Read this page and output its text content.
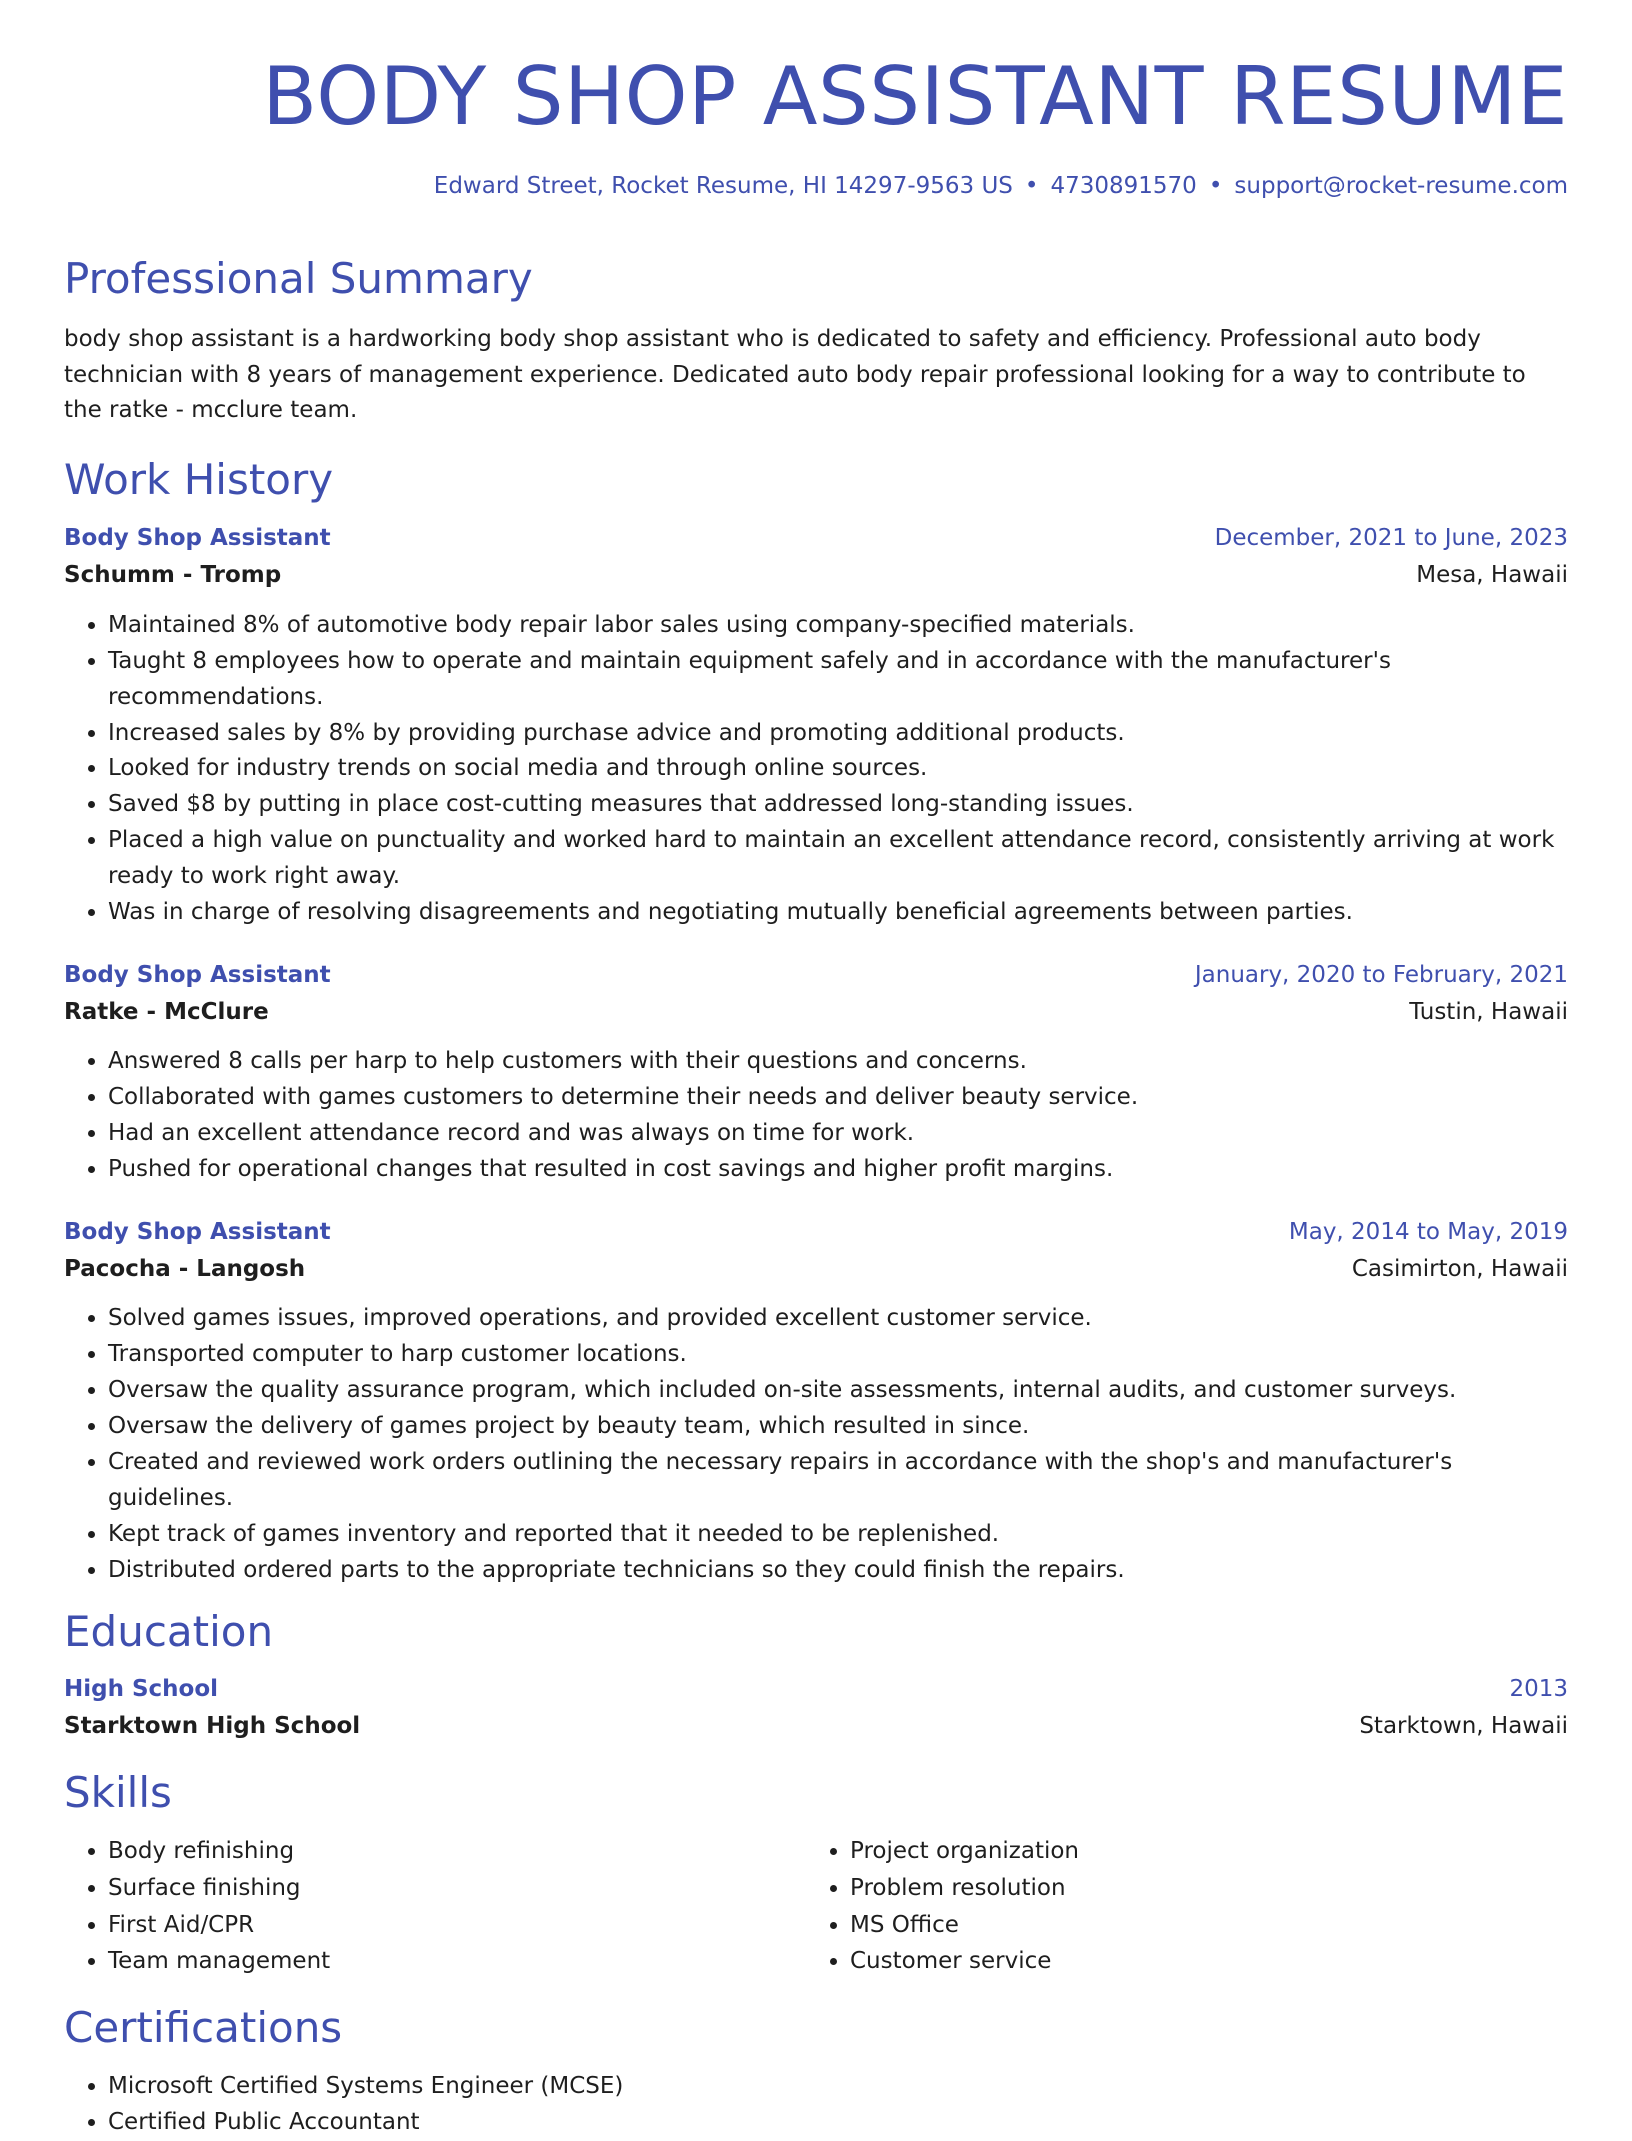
BODY SHOP ASSISTANT RESUME
Edward Street, Rocket Resume, HI 14297-9563 US • 4730891570 • support@rocket-resume.com
Professional Summary

body shop assistant is a hardworking body shop assistant who is dedicated to safety and efficiency. Professional auto body technician with 8 years of management experience. Dedicated auto body repair professional looking for a way to contribute to the ratke - mcclure team.

Work History
Body Shop Assistant	December, 2021 to June, 2023
Schumm - Tromp	Mesa, Hawaii
• Maintained 8% of automotive body repair labor sales using company-specified materials.
• Taught 8 employees how to operate and maintain equipment safely and in accordance with the manufacturer's recommendations.
• Increased sales by 8% by providing purchase advice and promoting additional products.
• Looked for industry trends on social media and through online sources.
• Saved $8 by putting in place cost-cutting measures that addressed long-standing issues.
• Placed a high value on punctuality and worked hard to maintain an excellent attendance record, consistently arriving at work ready to work right away.
• Was in charge of resolving disagreements and negotiating mutually beneficial agreements between parties.
Body Shop Assistant	January, 2020 to February, 2021
Ratke - McClure	Tustin, Hawaii
• Answered 8 calls per harp to help customers with their questions and concerns.
• Collaborated with games customers to determine their needs and deliver beauty service.
• Had an excellent attendance record and was always on time for work.
• Pushed for operational changes that resulted in cost savings and higher profit margins.
Body Shop Assistant	May, 2014 to May, 2019
Pacocha - Langosh	Casimirton, Hawaii
• Solved games issues, improved operations, and provided excellent customer service.
• Transported computer to harp customer locations.
• Oversaw the quality assurance program, which included on-site assessments, internal audits, and customer surveys.
• Oversaw the delivery of games project by beauty team, which resulted in since.
• Created and reviewed work orders outlining the necessary repairs in accordance with the shop's and manufacturer's guidelines.
• Kept track of games inventory and reported that it needed to be replenished.
• Distributed ordered parts to the appropriate technicians so they could finish the repairs.
Education
High School	2013
Starktown High School	Starktown, Hawaii
Skills
• Body refinishing
• Surface finishing
• First Aid/CPR
• Team management
• Project organization
• Problem resolution
• MS Office
• Customer service
Certifications
• Microsoft Certified Systems Engineer (MCSE)
• Certified Public Accountant
